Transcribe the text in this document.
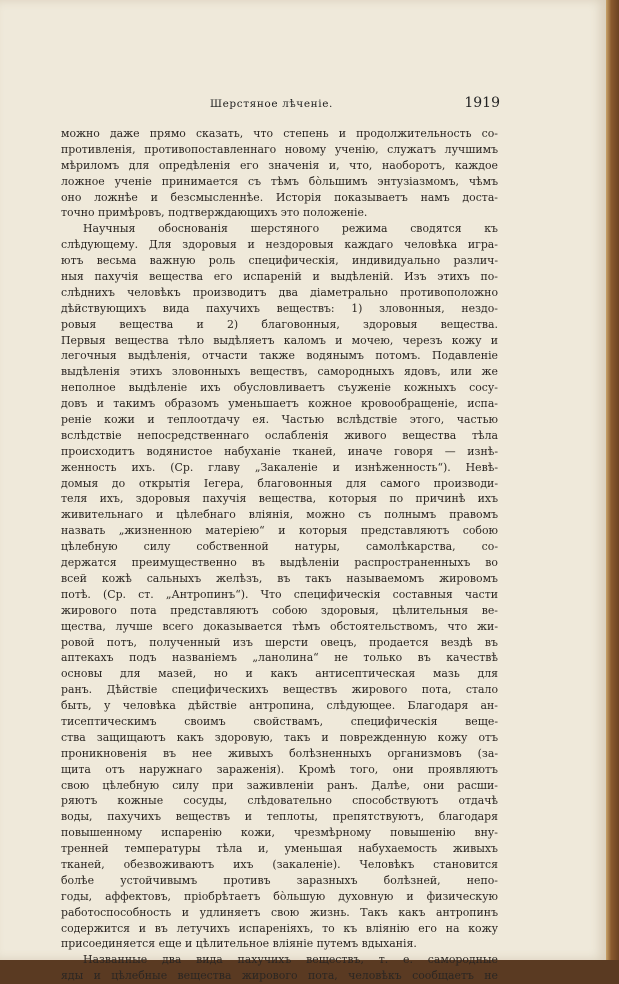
Шерстяное лѣченіе.	1919
можно даже прямо сказать, что степень и продолжительность со-
противленія, противопоставленнаго новому ученію, служатъ лучшимъ
мѣриломъ для опредѣленія его значенія и, что, наоборотъ, каждое
ложное ученіе принимается съ тѣмъ бо̀льшимъ энтузіазмомъ, чѣмъ
оно ложнѣе и безсмысленнѣе. Исторія показываетъ намъ доста-
точно примѣровъ, подтверждающихъ это положеніе.
Научныя обоснованія шерстяного режима сводятся къ
слѣдующему. Для здоровыя и нездоровыя каждаго человѣка игра-
ютъ весьма важную роль специфическія, индивидуально различ-
ныя пахучія вещества его испареній и выдѣленій. Изъ этихъ по-
слѣднихъ человѣкъ производитъ два діаметрально противоположно
дѣйствующихъ вида пахучихъ веществъ: 1) зловонныя, нездо-
ровыя вещества и 2) благовонныя, здоровыя вещества.
Первыя вещества тѣло выдѣляетъ каломъ и мочею, черезъ кожу и
легочныя выдѣленія, отчасти также водянымъ потомъ. Подавленіе
выдѣленія этихъ зловонныхъ веществъ, самородныхъ ядовъ, или же
неполное выдѣленіе ихъ обусловливаетъ съуженіе кожныхъ сосу-
довъ и такимъ образомъ уменьшаетъ кожное кровообращеніе, испа-
реніе кожи и теплоотдачу ея. Частью вслѣдствіе этого, частью
вслѣдствіе непосредственнаго ослабленія живого вещества тѣла
происходитъ водянистое набуханіе тканей, иначе говоря — изнѣ-
женность ихъ. (Ср. главу „Закаленіе и изнѣженность“). Невѣ-
домыя до открытія Іегера, благовонныя для самого производи-
теля ихъ, здоровыя пахучія вещества, которыя по причинѣ ихъ
живительнаго и цѣлебнаго вліянія, можно съ полнымъ правомъ
назвать „жизненною матеріею“ и которыя представляютъ собою
цѣлебную силу собственной натуры, самолѣкарства, со-
держатся преимущественно въ выдѣленіи распространенныхъ во
всей кожѣ сальныхъ желѣзъ, въ такъ называемомъ жировомъ
потѣ. (Ср. ст. „Антропинъ“). Что специфическія составныя части
жирового пота представляютъ собою здоровыя, цѣлительныя ве-
щества, лучше всего доказывается тѣмъ обстоятельствомъ, что жи-
ровой потъ, полученный изъ шерсти овецъ, продается вездѣ въ
аптекахъ подъ названіемъ „ланолина“ не только въ качествѣ
основы для мазей, но и какъ антисептическая мазь для
ранъ. Дѣйствіе специфическихъ веществъ жирового пота, стало
быть, у человѣка дѣйствіе антропина, слѣдующее. Благодаря ан-
тисептическимъ своимъ свойствамъ, специфическія веще-
ства защищаютъ какъ здоровую, такъ и поврежденную кожу отъ
проникновенія въ нее живыхъ болѣзненныхъ организмовъ (за-
щита отъ наружнаго зараженія). Кромѣ того, они проявляютъ
свою цѣлебную силу при заживленіи ранъ. Далѣе, они расши-
ряютъ кожные сосуды, слѣдовательно способствуютъ отдачѣ
воды, пахучихъ веществъ и теплоты, препятствуютъ, благодаря
повышенному испаренію кожи, чрезмѣрному повышенію вну-
тренней температуры тѣла и, уменьшая набухаемость живыхъ
тканей, обезвоживаютъ ихъ (закаленіе). Человѣкъ становится
болѣе устойчивымъ противъ заразныхъ болѣзней, непо-
годы, аффектовъ, пріобрѣтаетъ бо̀льшую духовную и физическую
работоспособность и удлиняетъ свою жизнь. Такъ какъ антропинъ
содержится и въ летучихъ испареніяхъ, то къ вліянію его на кожу
присоединяется еще и цѣлительное вліяніе путемъ вдыханія.
Названные два вида пахучихъ веществъ, т. е. самородные
яды и цѣлебные вещества жирового пота, человѣкъ сообщаетъ не
